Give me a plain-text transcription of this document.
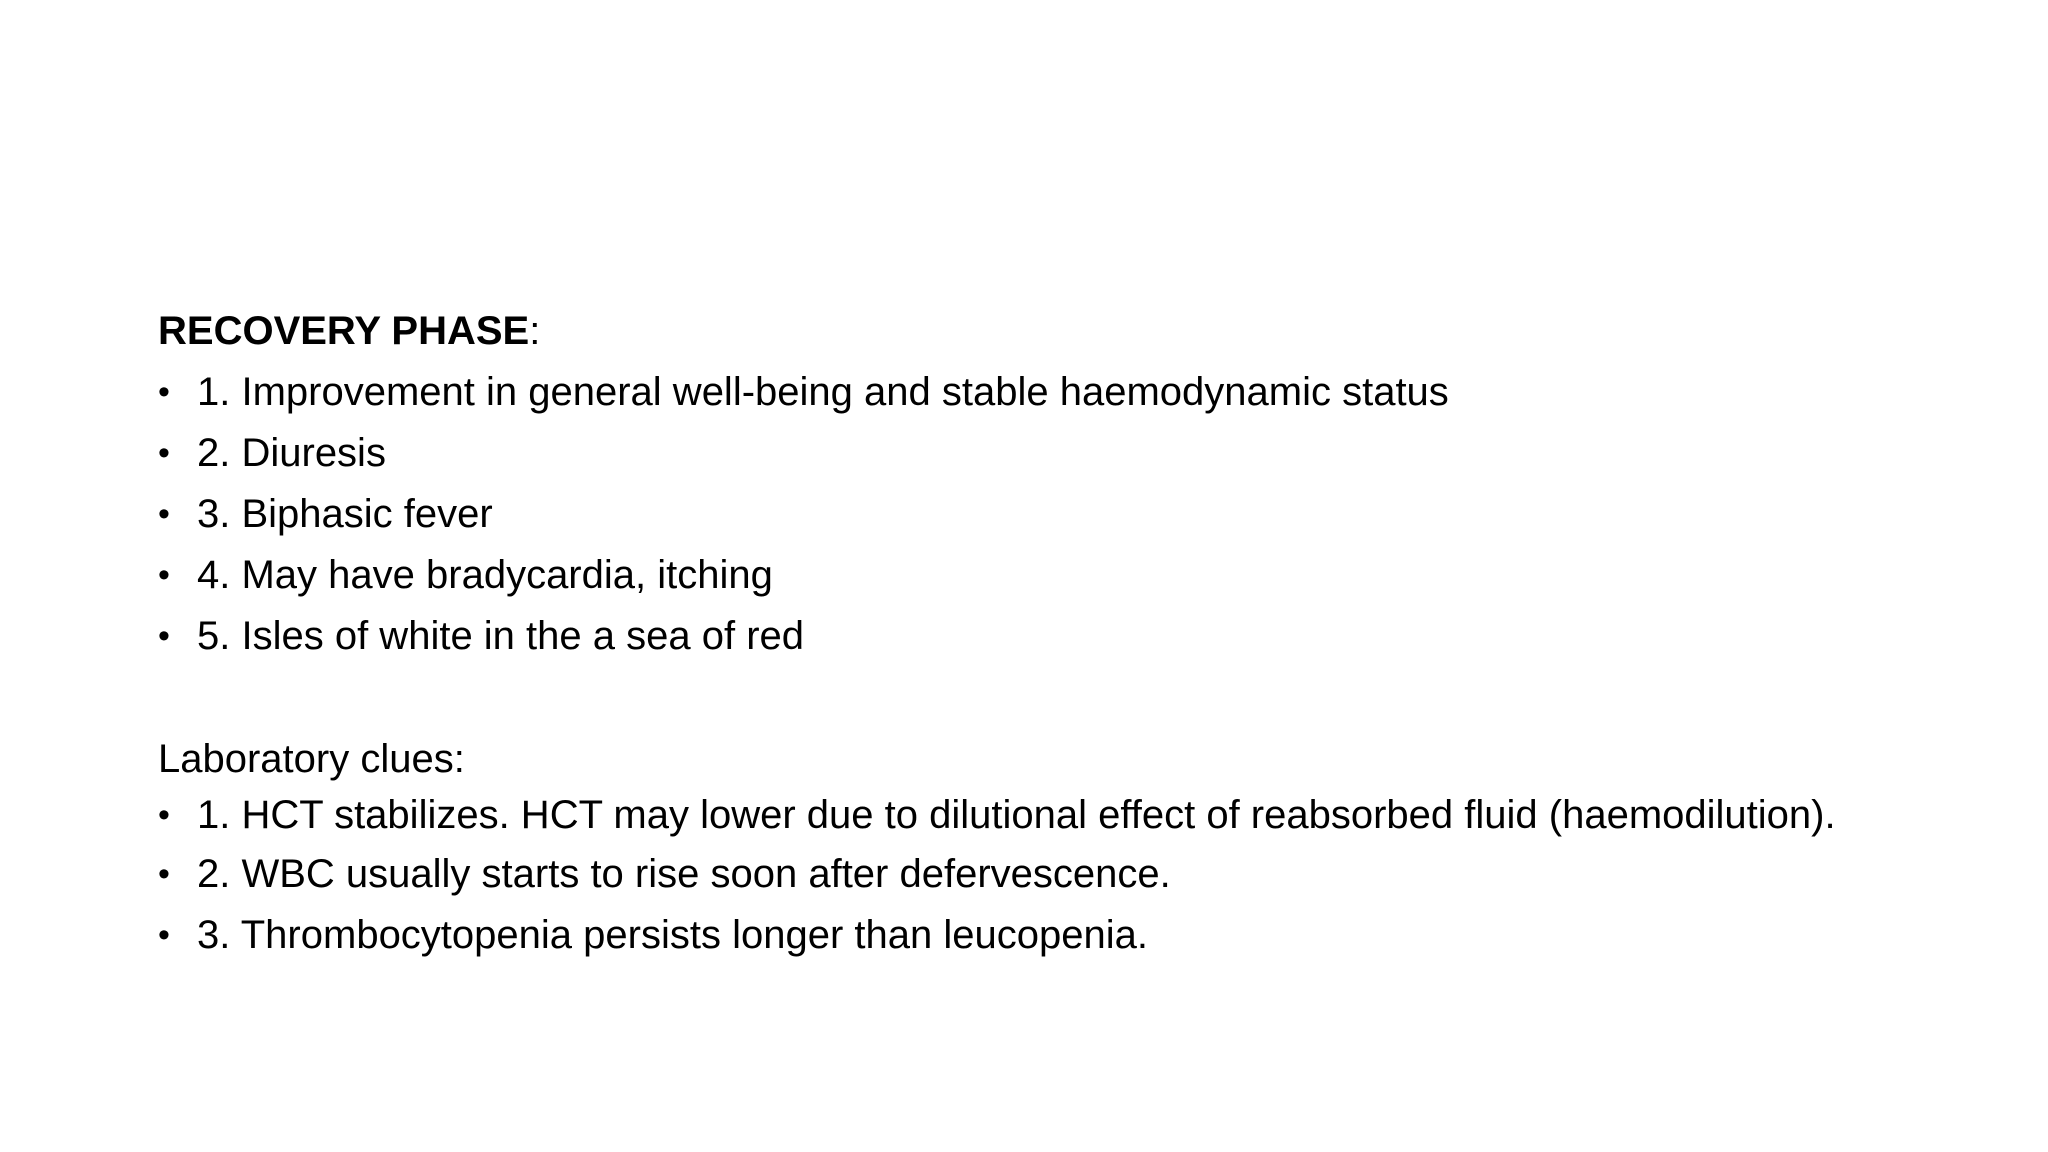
RECOVERY PHASE :
• 1. Improvement in general well-being and stable haemodynamic status
• 2. Diuresis
• 3. Biphasic fever
• 4. May have bradycardia, itching
• 5. Isles of white in the a sea of red
Laboratory clues:
• 1. HCT stabilizes. HCT may lower due to dilutional effect of reabsorbed fluid (haemodilution).
• 2. WBC usually starts to rise soon after defervescence.
• 3. Thrombocytopenia persists longer than leucopenia.
